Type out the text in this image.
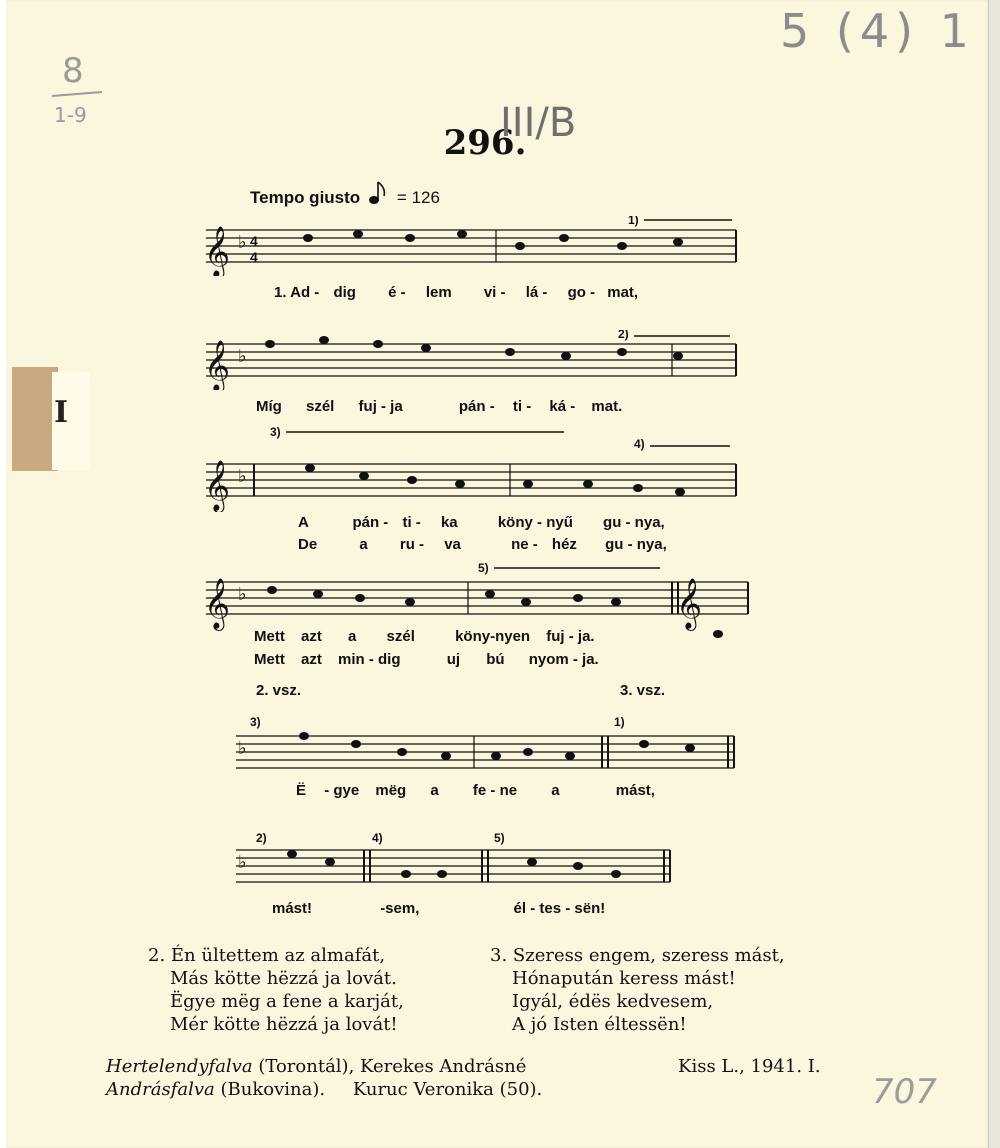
I
8
1-9
5 (4) 1
707
296.
III/B
Tempo giusto = 126
𝄞 ♭ 4
4
1)
1. Ad - dig é - lem vi - lá - go - mat,
𝄞 ♭
2)
Míg szél fuj - ja	pán - ti - ká - mat.
3)
4)
𝄞 ♭
A	pán - ti - ka	köny - nyű gu - nya,
De	a ru - va	ne - héz gu - nya,
5)
𝄞 ♭	𝄞
Mett azt a szél	köny-nyen fuj - ja.
Mett azt min - dig	uj bú nyom - ja.
2. vsz.	3. vsz.
3)	1)
♭
Ë - gye mëg a fe - ne a	mást,
2)	4)	5)
♭
mást!	-sem,	él - tes - sën!
2. Én ültettem az almafát,
Más kötte hëzzá ja lovát.
Ëgye mëg a fene a karját,
Mér kötte hëzzá ja lovát!
3. Szeress engem, szeress mást,
Hónapután keress mást!
Igyál, édës kedvesem,
A jó Isten éltessën!
Hertelendyfalva (Torontál), Kerekes Andrásné
Andrásfalva (Bukovina). Kuruc Veronika (50).
Kiss L., 1941. I.
